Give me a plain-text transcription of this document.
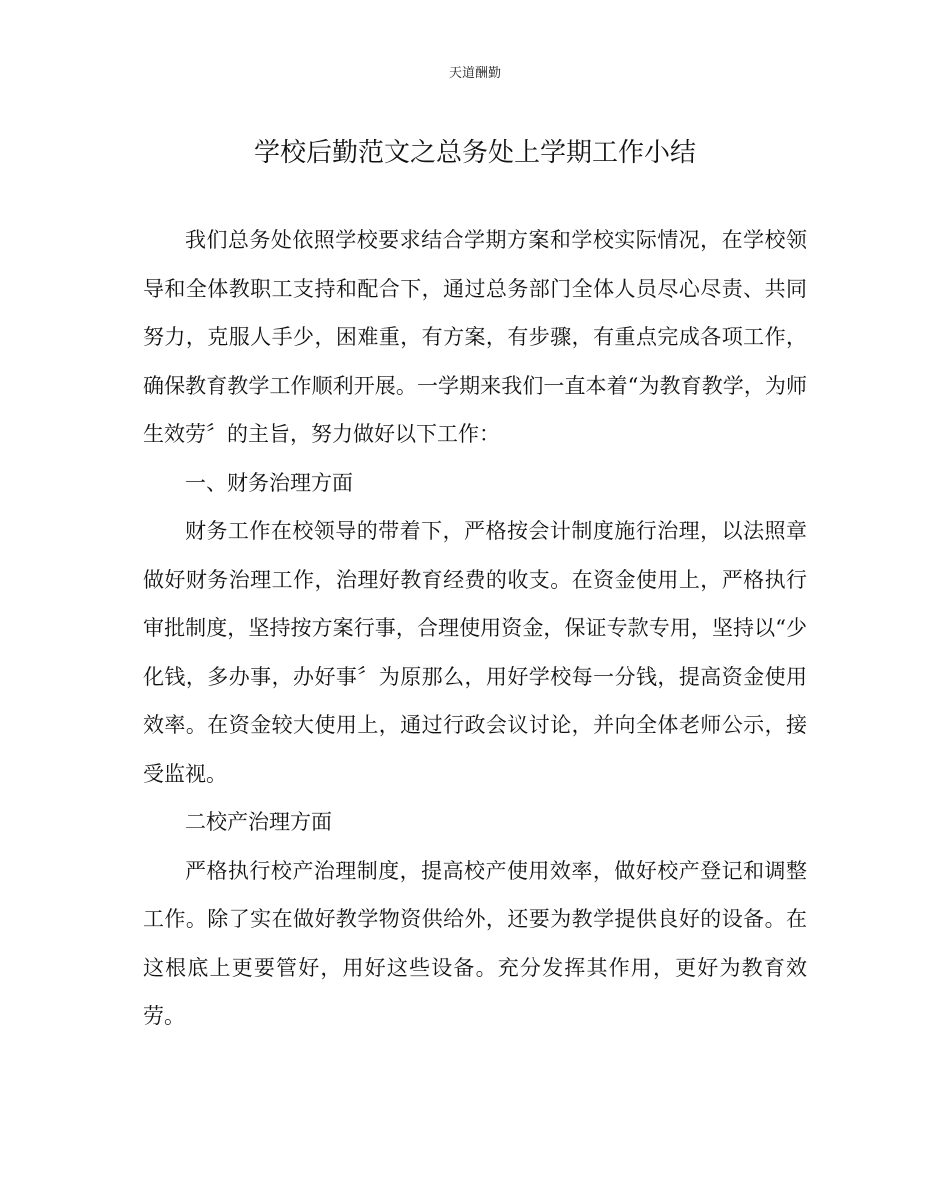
天道酬勤
学校后勤范文之总务处上学期工作小结

我们总务处依照学校要求结合学期方案和学校实际情况，在学校领导和全体教职工支持和配合下，通过总务部门全体人员尽心尽责、共同努力，克服人手少，困难重，有方案，有步骤，有重点完成各项工作，确保教育教学工作顺利开展。一学期来我们一直本着“为教育教学，为师生效劳〞的主旨，努力做好以下工作：

一、财务治理方面

财务工作在校领导的带着下，严格按会计制度施行治理，以法照章做好财务治理工作，治理好教育经费的收支。在资金使用上，严格执行审批制度，坚持按方案行事，合理使用资金，保证专款专用，坚持以“少化钱，多办事，办好事〞为原那么，用好学校每一分钱，提高资金使用效率。在资金较大使用上，通过行政会议讨论，并向全体老师公示，接受监视。

二校产治理方面

严格执行校产治理制度，提高校产使用效率，做好校产登记和调整工作。除了实在做好教学物资供给外，还要为教学提供良好的设备。在这根底上更要管好，用好这些设备。充分发挥其作用，更好为教育效劳。
